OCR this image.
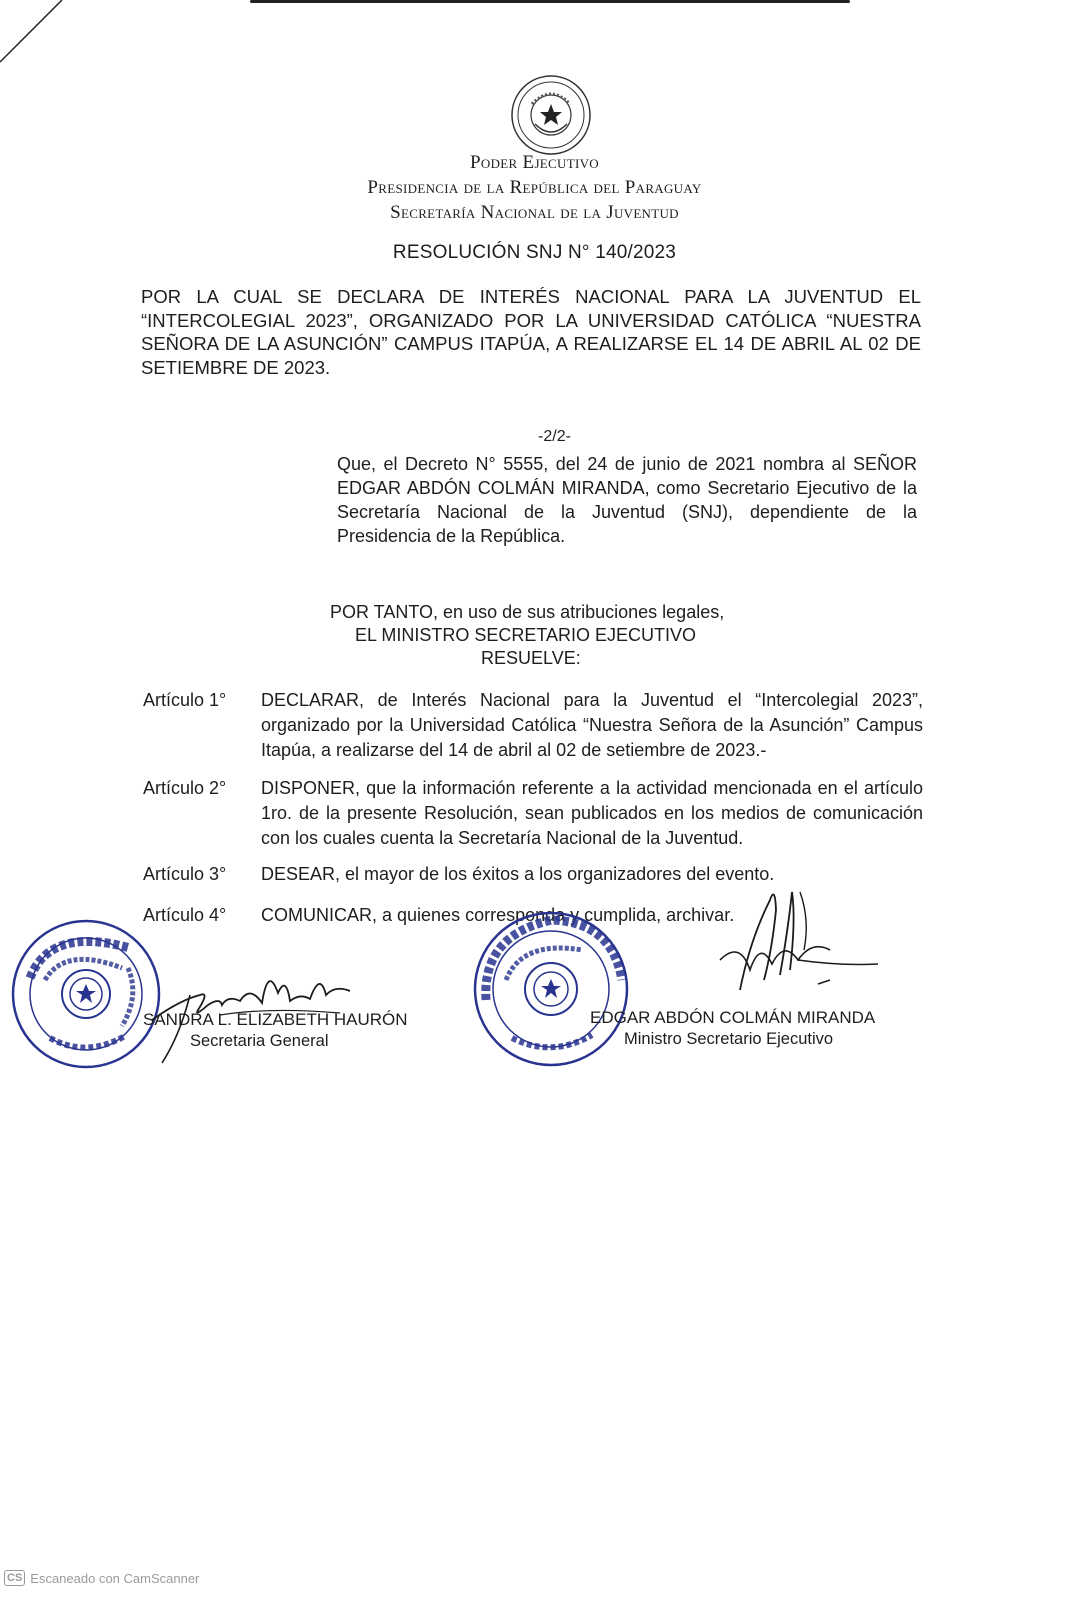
Poder Ejecutivo
Presidencia de la República del Paraguay
Secretaría Nacional de la Juventud
RESOLUCIÓN SNJ N° 140/2023
POR LA CUAL SE DECLARA DE INTERÉS NACIONAL PARA LA JUVENTUD EL “INTERCOLEGIAL 2023”, ORGANIZADO POR LA UNIVERSIDAD CATÓLICA “NUESTRA SEÑORA DE LA ASUNCIÓN” CAMPUS ITAPÚA, A REALIZARSE EL 14 DE ABRIL AL 02 DE SETIEMBRE DE 2023.
-2/2-
Que, el Decreto N° 5555, del 24 de junio de 2021 nombra al SEÑOR EDGAR ABDÓN COLMÁN MIRANDA, como Secretario Ejecutivo de la Secretaría Nacional de la Juventud (SNJ), dependiente de la Presidencia de la República.
POR TANTO, en uso de sus atribuciones legales,
EL MINISTRO SECRETARIO EJECUTIVO
RESUELVE:
Artículo 1°	DECLARAR, de Interés Nacional para la Juventud el “Intercolegial 2023”, organizado por la Universidad Católica “Nuestra Señora de la Asunción” Campus Itapúa, a realizarse del 14 de abril al 02 de setiembre de 2023.-
Artículo 2°	DISPONER, que la información referente a la actividad mencionada en el artículo 1ro. de la presente Resolución, sean publicados en los medios de comunicación con los cuales cuenta la Secretaría Nacional de la Juventud.
Artículo 3°	DESEAR, el mayor de los éxitos a los organizadores del evento.
Artículo 4°	COMUNICAR, a quienes corresponda y cumplida, archivar.
SANDRA L. ELIZABETH HAURÓN
Secretaria General
EDGAR ABDÓN COLMÁN MIRANDA
Ministro Secretario Ejecutivo
CS Escaneado con CamScanner
